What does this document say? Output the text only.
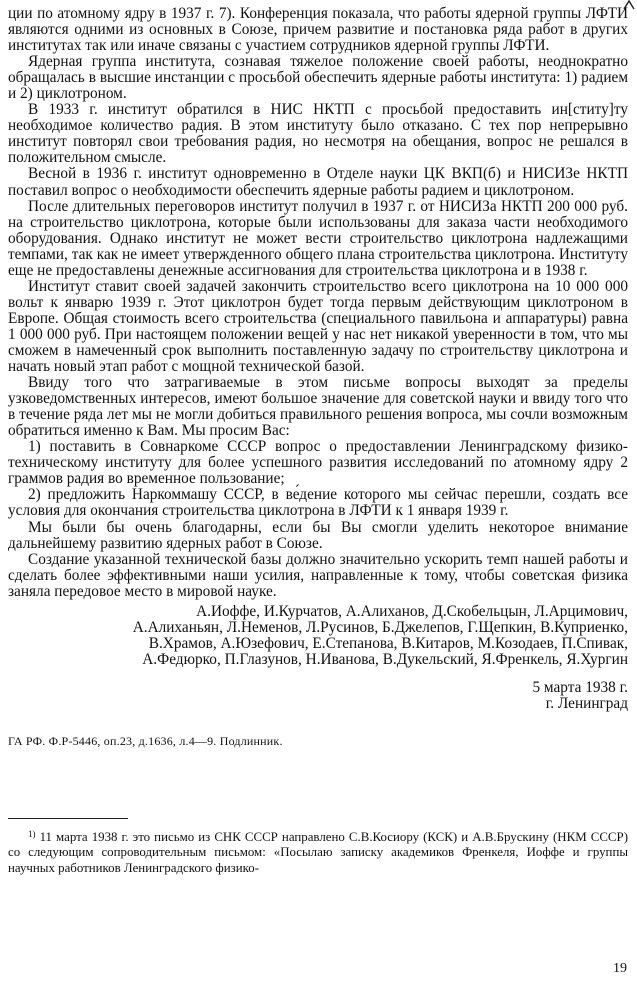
ции по атомному ядру в 1937 г. 7). Конференция показала, что работы ядерной группы ЛФТИ являются одними из основных в Союзе, причем развитие и постановка ряда работ в других институтах так или иначе связаны с участием сотрудников ядерной группы ЛФТИ.

Ядерная группа института, сознавая тяжелое положение своей работы, неоднократно обращалась в высшие инстанции с просьбой обеспечить ядерные работы института: 1) радием и 2) циклотроном.

В 1933 г. институт обратился в НИС НКТП с просьбой предоставить ин[ститу]ту необходимое количество радия. В этом институту было отказано. С тех пор непрерывно институт повторял свои требования радия, но несмотря на обещания, вопрос не решался в положительном смысле.

Весной в 1936 г. институт одновременно в Отделе науки ЦК ВКП(б) и НИСИЗе НКТП поставил вопрос о необходимости обеспечить ядерные работы радием и циклотроном.

После длительных переговоров институт получил в 1937 г. от НИСИЗа НКТП 200 000 руб. на строительство циклотрона, которые были использованы для заказа части необходимого оборудования. Однако институт не может вести строительство циклотрона надлежащими темпами, так как не имеет утвержденного общего плана строительства циклотрона. Институту еще не предоставлены денежные ассигнования для строительства циклотрона и в 1938 г.

Институт ставит своей задачей закончить строительство всего циклотрона на 10 000 000 вольт к январю 1939 г. Этот циклотрон будет тогда первым действующим циклотроном в Европе. Общая стоимость всего строительства (специального павильона и аппаратуры) равна 1 000 000 руб. При настоящем положении вещей у нас нет никакой уверенности в том, что мы сможем в намеченный срок выполнить поставленную задачу по строительству циклотрона и начать новый этап работ с мощной технической базой.

Ввиду того что затрагиваемые в этом письме вопросы выходят за пределы узковедомственных интересов, имеют большое значение для советской науки и ввиду того что в течение ряда лет мы не могли добиться правильного решения вопроса, мы сочли возможным обратиться именно к Вам. Мы просим Вас:

1) поставить в Совнаркоме СССР вопрос о предоставлении Ленинградскому физико-техническому институту для более успешного развития исследований по атомному ядру 2 граммов радия во временное пользование;

2) предложить Наркоммашу СССР, в ве́дение которого мы сейчас перешли, создать все условия для окончания строительства циклотрона в ЛФТИ к 1 января 1939 г.

Мы были бы очень благодарны, если бы Вы смогли уделить некоторое внимание дальнейшему развитию ядерных работ в Союзе.

Создание указанной технической базы должно значительно ускорить темп нашей работы и сделать более эффективными наши усилия, направленные к тому, чтобы советская физика заняла передовое место в мировой науке.

А.Иоффе, И.Курчатов, А.Алиханов, Д.Скобельцын, Л.Арцимович,

А.Алиханьян, Л.Неменов, Л.Русинов, Б.Джелепов, Г.Щепкин, В.Куприенко,

В.Храмов, А.Юзефович, Е.Степанова, В.Китаров, М.Козодаев, П.Спивак,

А.Федюрко, П.Глазунов, Н.Иванова, В.Дукельский, Я.Френкель, Я.Хургин

5 марта 1938 г.

г. Ленинград

ГА РФ. Ф.Р-5446, оп.23, д.1636, л.4—9. Подлинник.
$^{1)}$ 11 марта 1938 г. это письмо из СНК СССР направлено С.В.Косиору (КСК) и А.В.Брускину (НКМ СССР) со следующим сопроводительным письмом: «Посылаю записку академиков Френкеля, Иоффе и группы научных работников Ленинградского физико-
19
